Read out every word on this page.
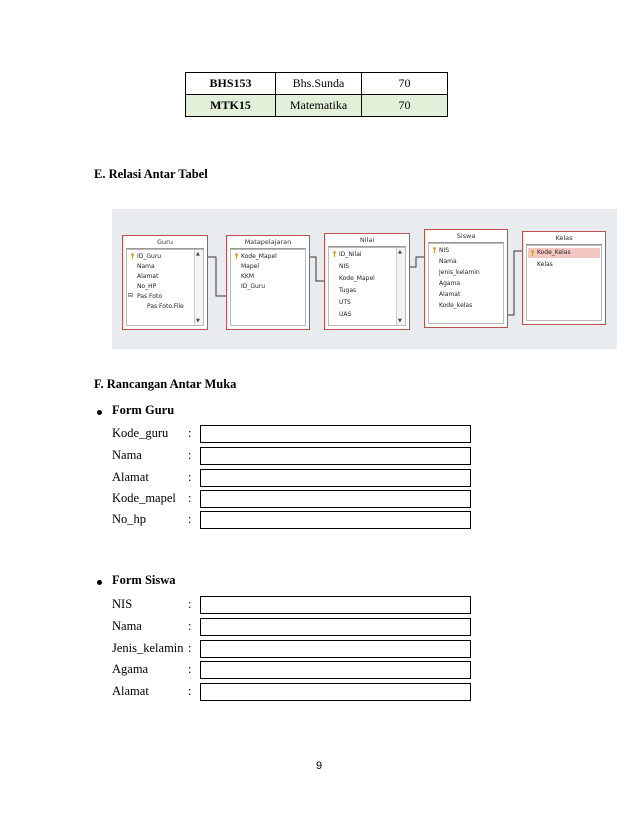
BHS153	Bhs.Sunda	70
MTK15	Matematika	70
E. Relasi Antar Tabel
Guru
ID_Guru
Nama
Alamat
No_HP
⊟ Pas Foto
Pas Foto.File
▲
▼
Matapelajaran
Kode_Mapel
Mapel
KKM
ID_Guru
Nilai
ID_Nilai
NIS
Kode_Mapel
Tugas
UTS
UAS
▲
▼
Siswa
NIS
Nama
Jenis_kelamin
Agama
Alamat
Kode_kelas
Kelas
Kode_Kelas
Kelas
F. Rancangan Antar Muka
Form Guru
Kode_guru :
Nama	:
Alamat	:
Kode_mapel :
No_hp	:
Form Siswa
NIS	:
Nama	:
Jenis_kelamin :
Agama	:
Alamat	:
9
